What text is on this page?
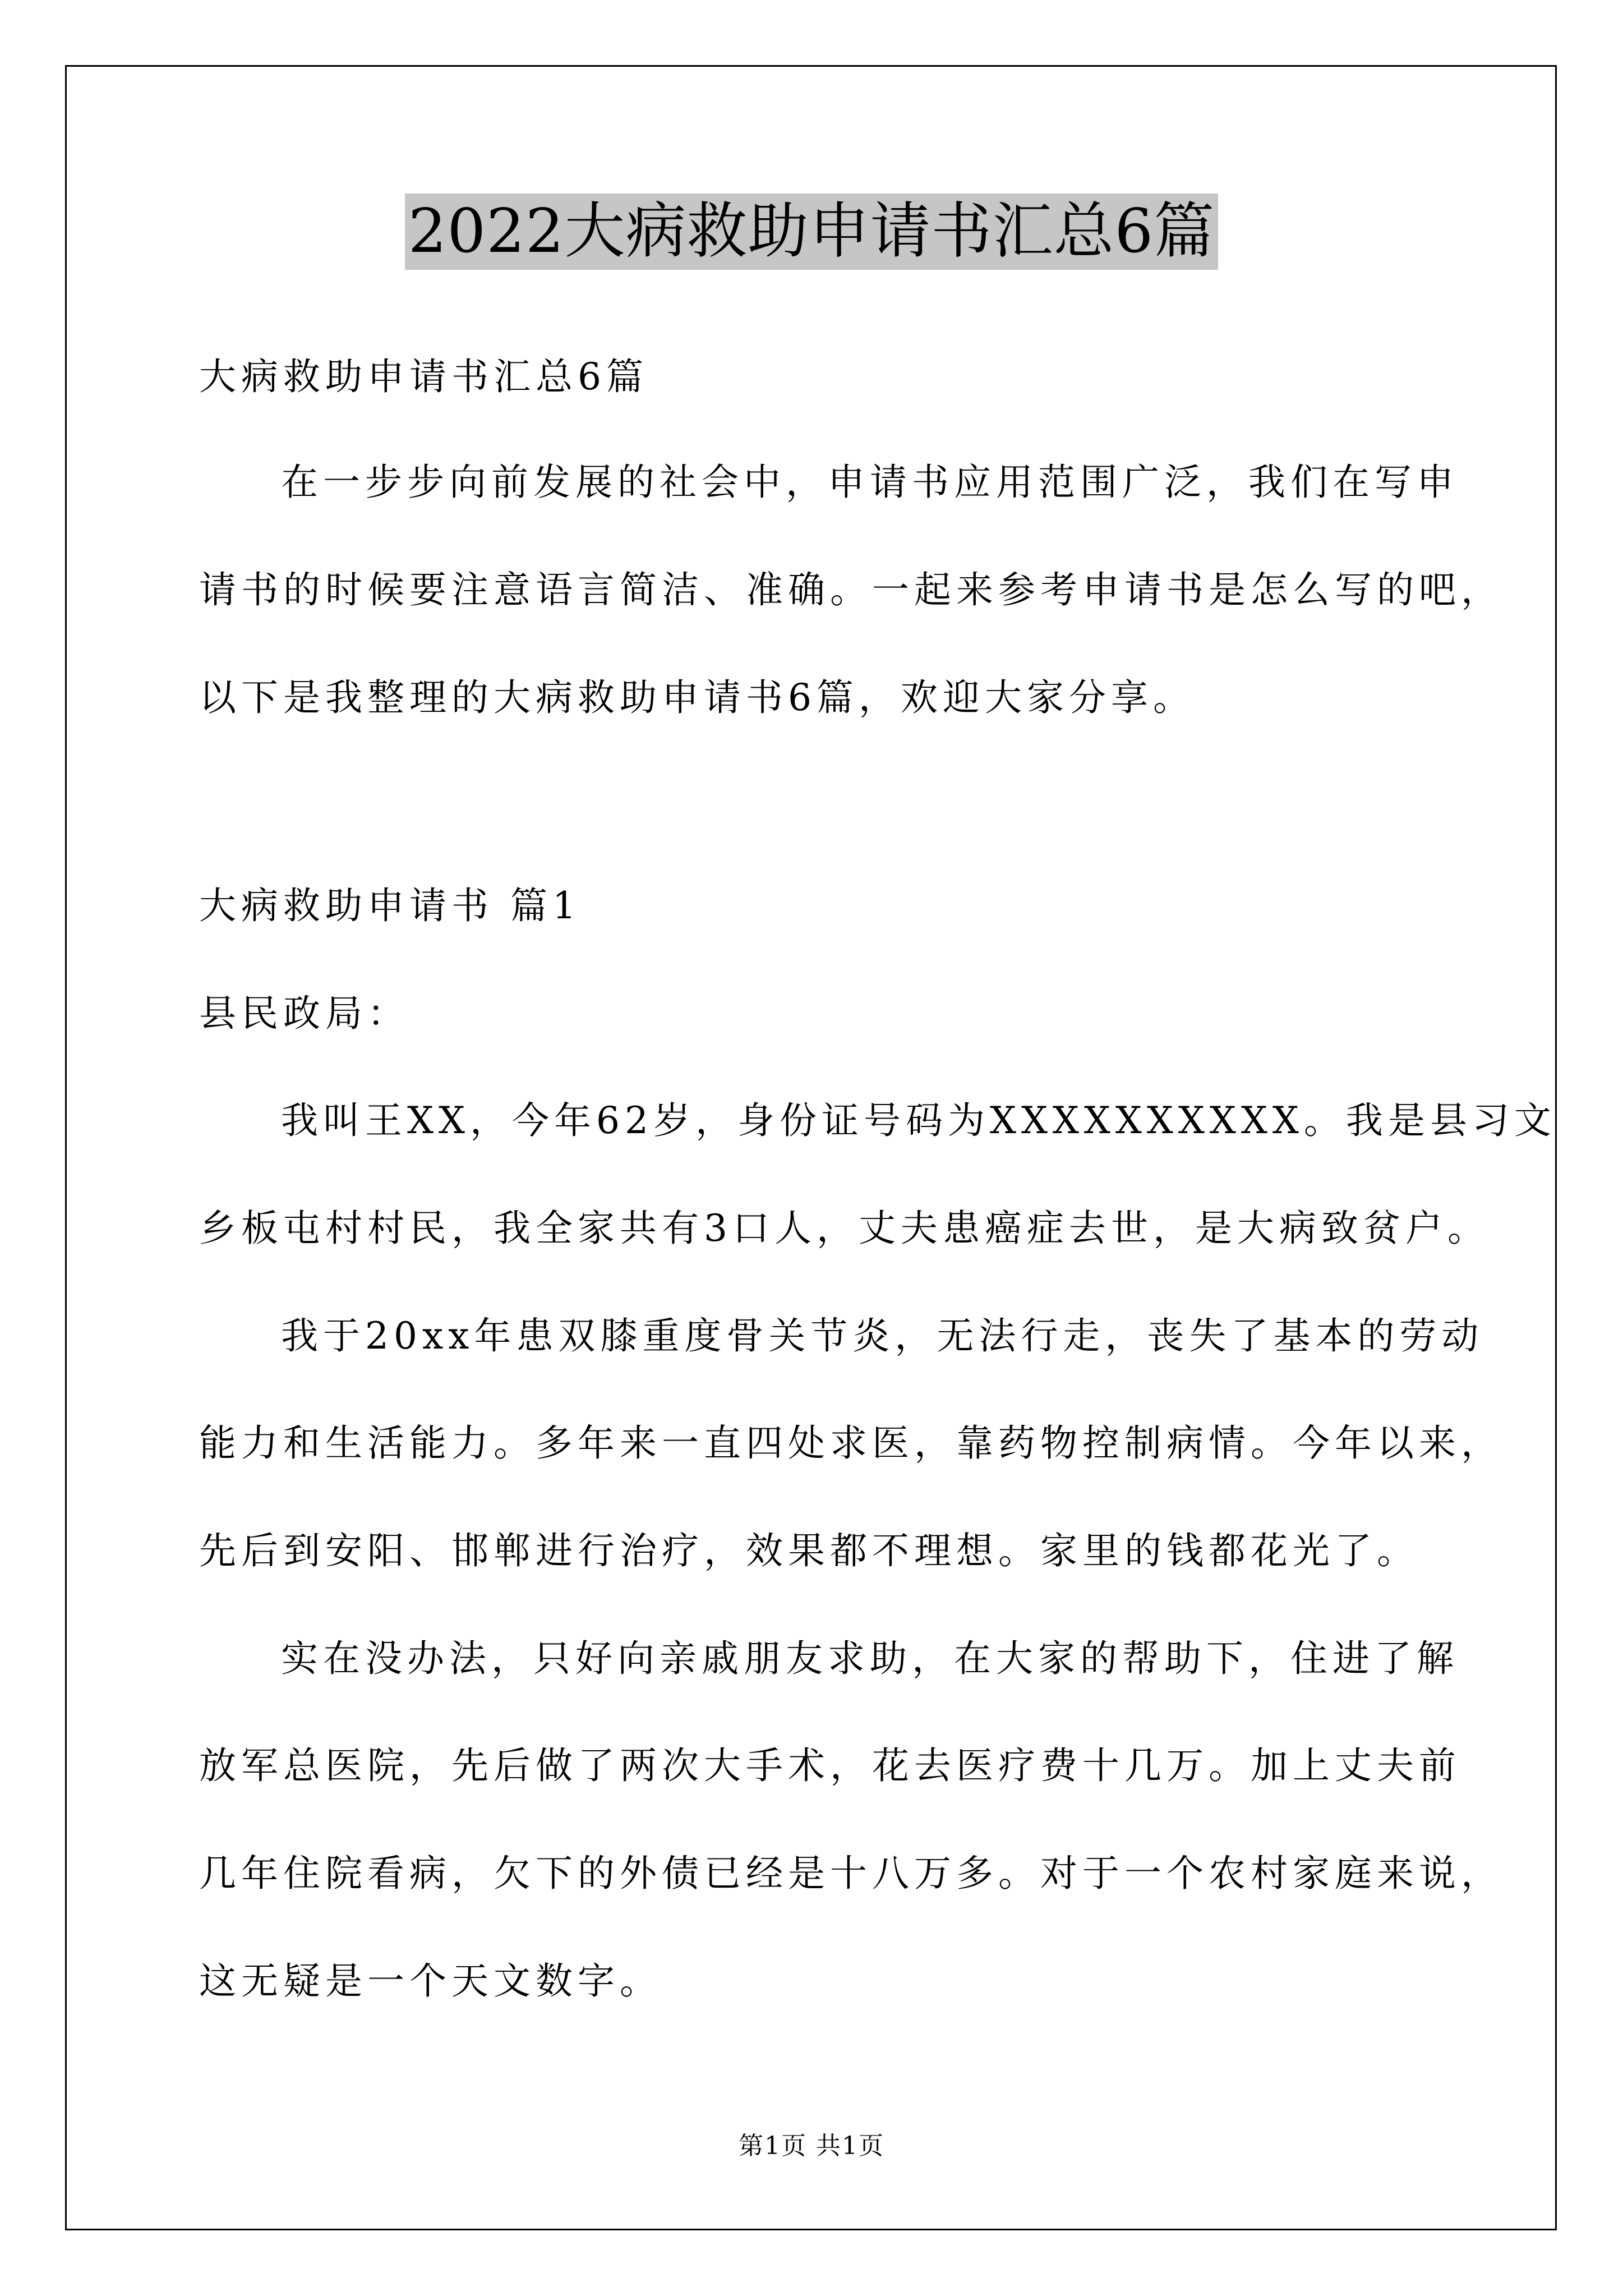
2022大病救助申请书汇总6篇
大病救助申请书汇总6篇
在一步步向前发展的社会中，申请书应用范围广泛，我们在写申
请书的时候要注意语言简洁、准确。一起来参考申请书是怎么写的吧，
以下是我整理的大病救助申请书6篇，欢迎大家分享。
大病救助申请书 篇1
县民政局：
我叫王XX，今年62岁，身份证号码为XXXXXXXXXX。我是县习文
乡板屯村村民，我全家共有3口人，丈夫患癌症去世，是大病致贫户。
我于20xx年患双膝重度骨关节炎，无法行走，丧失了基本的劳动
能力和生活能力。多年来一直四处求医，靠药物控制病情。今年以来，
先后到安阳、邯郸进行治疗，效果都不理想。家里的钱都花光了。
实在没办法，只好向亲戚朋友求助，在大家的帮助下，住进了解
放军总医院，先后做了两次大手术，花去医疗费十几万。加上丈夫前
几年住院看病，欠下的外债已经是十八万多。对于一个农村家庭来说，
这无疑是一个天文数字。
第1页 共1页
